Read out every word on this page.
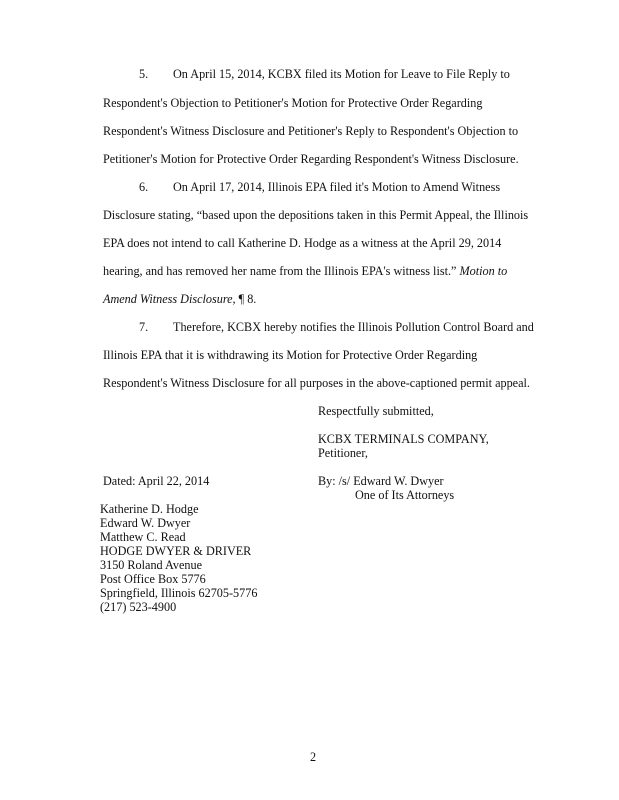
5. On April 15, 2014, KCBX filed its Motion for Leave to File Reply to
Respondent's Objection to Petitioner's Motion for Protective Order Regarding
Respondent's Witness Disclosure and Petitioner's Reply to Respondent's Objection to
Petitioner's Motion for Protective Order Regarding Respondent's Witness Disclosure.
6. On April 17, 2014, Illinois EPA filed it's Motion to Amend Witness
Disclosure stating, “based upon the depositions taken in this Permit Appeal, the Illinois
EPA does not intend to call Katherine D. Hodge as a witness at the April 29, 2014
hearing, and has removed her name from the Illinois EPA's witness list.” Motion to
Amend Witness Disclosure, ¶ 8.
7. Therefore, KCBX hereby notifies the Illinois Pollution Control Board and
Illinois EPA that it is withdrawing its Motion for Protective Order Regarding
Respondent's Witness Disclosure for all purposes in the above-captioned permit appeal.
Respectfully submitted,
KCBX TERMINALS COMPANY,
Petitioner,
Dated: April 22, 2014	By: /s/ Edward W. Dwyer
One of Its Attorneys
Katherine D. Hodge
Edward W. Dwyer
Matthew C. Read
HODGE DWYER & DRIVER
3150 Roland Avenue
Post Office Box 5776
Springfield, Illinois 62705-5776
(217) 523-4900
2
